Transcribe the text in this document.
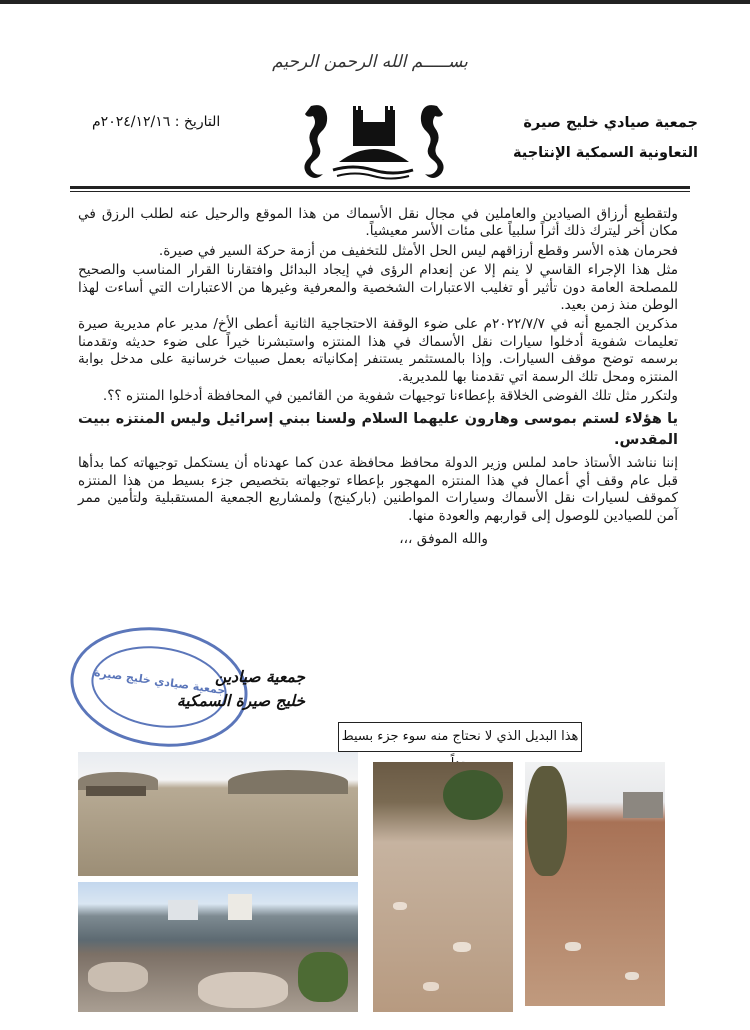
بســـــم الله الرحمن الرحيم
جمعية صيادي خليج صيرة
التعاونية السمكية الإنتاجية
التاريخ : ٢٠٢٤/١٢/١٦م

ولتقطيع أرزاق الصيادين والعاملين في مجال نقل الأسماك من هذا الموقع والرحيل عنه لطلب الرزق في مكان أخر ليترك ذلك أثراً سلبياً على مئات الأسر معيشياً.

فحرمان هذه الأسر وقطع أرزاقهم ليس الحل الأمثل للتخفيف من أزمة حركة السير في صيرة.

مثل هذا الإجراء القاسي لا ينم إلا عن إنعدام الرؤى في إيجاد البدائل وافتقارنا القرار المناسب والصحيح للمصلحة العامة دون تأثير أو تغليب الاعتبارات الشخصية والمعرفية وغيرها من الاعتبارات التي أساءت لهذا الوطن منذ زمن بعيد.

مذكرين الجميع أنه في ٢٠٢٢/٧/٧م على ضوء الوقفة الاحتجاجية الثانية أعطى الأخ/ مدير عام مديرية صيرة تعليمات شفوية أدخلوا سيارات نقل الأسماك في هذا المنتزه واستبشرنا خيراً على ضوء حديثه وتقدمنا برسمه توضح موقف السيارات. وإذا بالمستثمر يستنفر إمكانياته بعمل صبيات خرسانية على مدخل بوابة المنتزه ومحل تلك الرسمة اتي تقدمنا بها للمديرية.

ولتكرر مثل تلك الفوضى الخلاقة بإعطاءنا توجيهات شفوية من القائمين في المحافظة أدخلوا المنتزه ؟؟.

يا هؤلاء لستم بموسى وهارون عليهما السلام ولسنا ببني إسرائيل وليس المنتزه ببيت المقدس.

إننا نناشد الأستاذ حامد لملس وزير الدولة محافظ محافظة عدن كما عهدناه أن يستكمل توجيهاته كما بدأها قبل عام وقف أي أعمال في هذا المنتزه المهجور بإعطاء توجيهاته بتخصيص جزء بسيط من هذا المنتزه كموقف لسيارات نقل الأسماك وسيارات المواطنين (باركينج) ولمشاريع الجمعية المستقبلية ولتأمين ممر آمن للصيادين للوصول إلى قواربهم والعودة منها.

والله الموفق ،،،

جمعية صيادي خليج صيرة
جمعية صيادين
خليج صيرة السمكية
هذا البديل الذي لا نحتاج منه سوء جزء بسيط
